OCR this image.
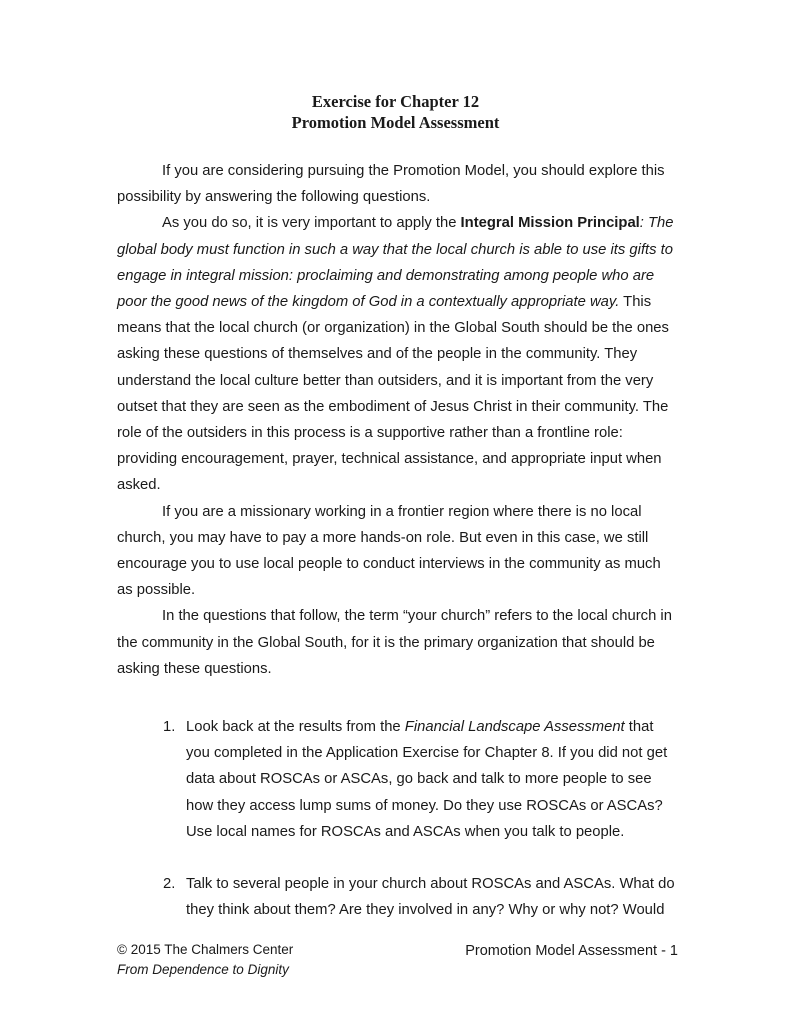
Exercise for Chapter 12
Promotion Model Assessment

If you are considering pursuing the Promotion Model, you should explore this possibility by answering the following questions.

As you do so, it is very important to apply the Integral Mission Principal: The global body must function in such a way that the local church is able to use its gifts to engage in integral mission: proclaiming and demonstrating among people who are poor the good news of the kingdom of God in a contextually appropriate way. This means that the local church (or organization) in the Global South should be the ones asking these questions of themselves and of the people in the community. They understand the local culture better than outsiders, and it is important from the very outset that they are seen as the embodiment of Jesus Christ in their community. The role of the outsiders in this process is a supportive rather than a frontline role: providing encouragement, prayer, technical assistance, and appropriate input when asked.

If you are a missionary working in a frontier region where there is no local church, you may have to pay a more hands-on role. But even in this case, we still encourage you to use local people to conduct interviews in the community as much as possible.

In the questions that follow, the term “your church” refers to the local church in the community in the Global South, for it is the primary organization that should be asking these questions.

1. Look back at the results from the Financial Landscape Assessment that you completed in the Application Exercise for Chapter 8. If you did not get data about ROSCAs or ASCAs, go back and talk to more people to see how they access lump sums of money. Do they use ROSCAs or ASCAs? Use local names for ROSCAs and ASCAs when you talk to people.
2. Talk to several people in your church about ROSCAs and ASCAs. What do they think about them? Are they involved in any? Why or why not? Would
© 2015 The Chalmers Center
From Dependence to Dignity
Promotion Model Assessment - 1
